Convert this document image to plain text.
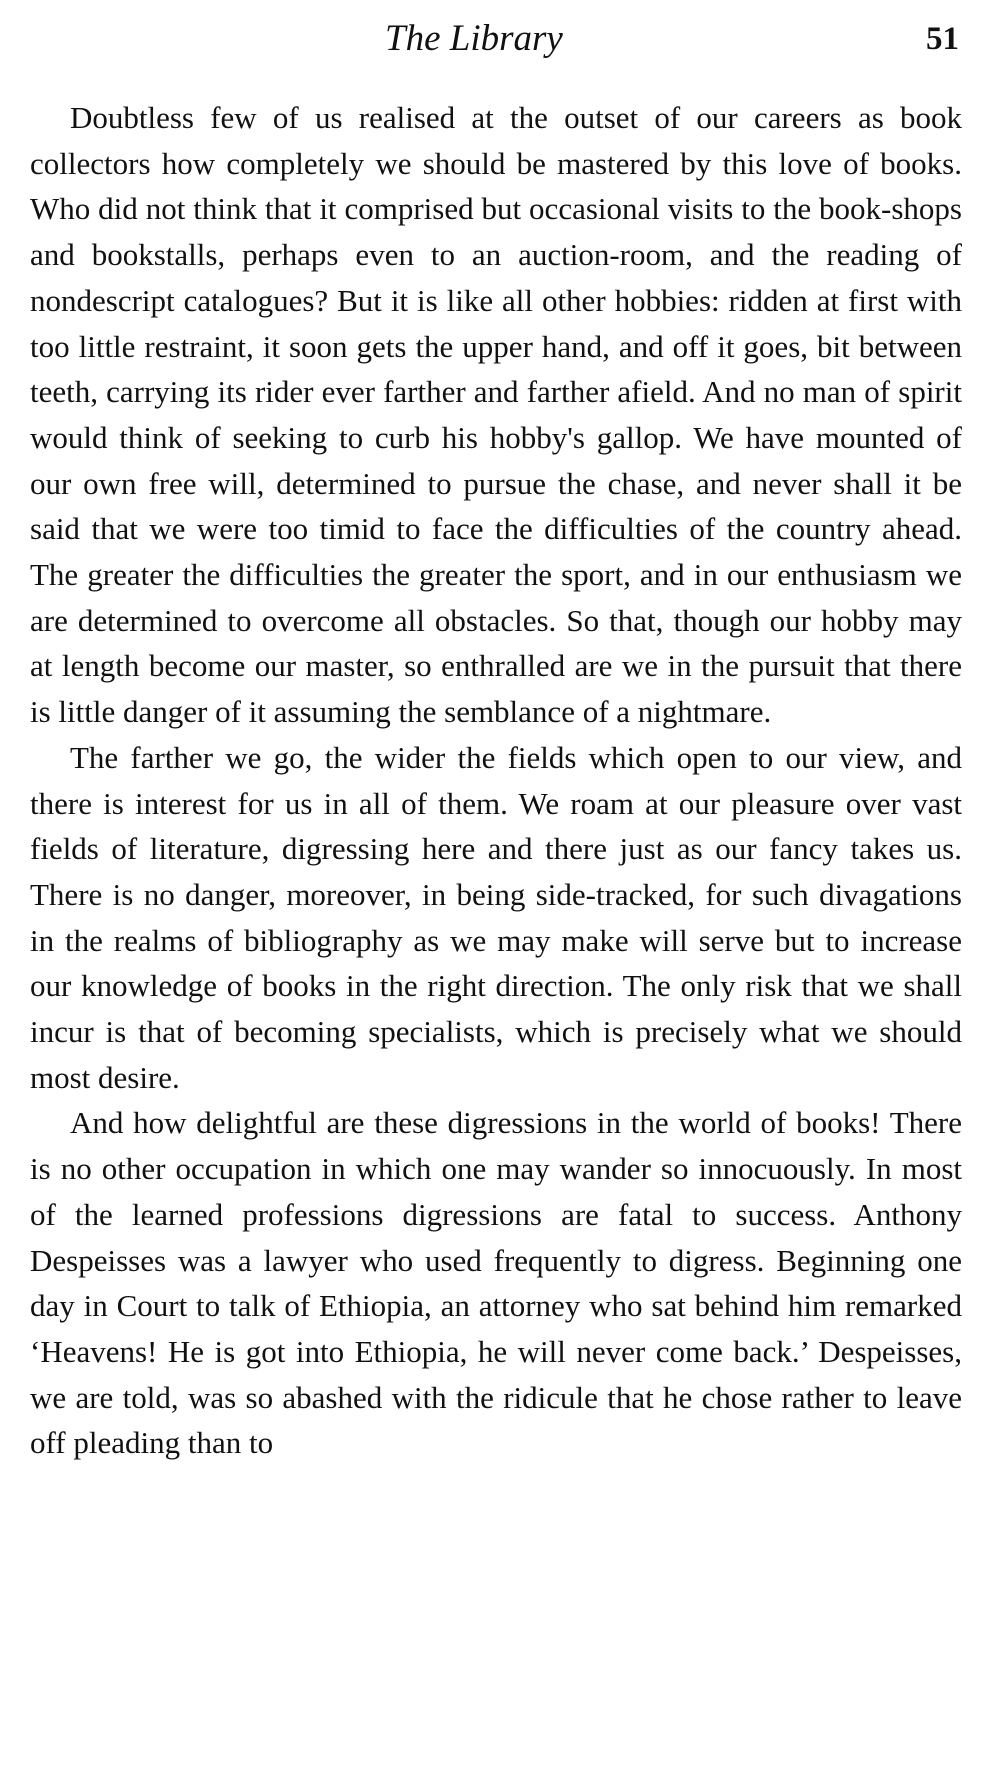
The Library	51

Doubtless few of us realised at the outset of our careers as book collectors how completely we should be mastered by this love of books. Who did not think that it comprised but occasional visits to the book-shops and bookstalls, perhaps even to an auction-room, and the reading of nondescript catalogues? But it is like all other hobbies: ridden at first with too little restraint, it soon gets the upper hand, and off it goes, bit between teeth, carrying its rider ever farther and farther afield. And no man of spirit would think of seeking to curb his hobby's gallop. We have mounted of our own free will, determined to pursue the chase, and never shall it be said that we were too timid to face the difficulties of the country ahead. The greater the difficulties the greater the sport, and in our enthusiasm we are determined to overcome all obstacles. So that, though our hobby may at length become our master, so enthralled are we in the pursuit that there is little danger of it assuming the semblance of a nightmare.

The farther we go, the wider the fields which open to our view, and there is interest for us in all of them. We roam at our pleasure over vast fields of literature, digressing here and there just as our fancy takes us. There is no danger, moreover, in being side-tracked, for such divagations in the realms of bibliography as we may make will serve but to increase our knowledge of books in the right direction. The only risk that we shall incur is that of becoming specialists, which is precisely what we should most desire.

And how delightful are these digressions in the world of books! There is no other occupation in which one may wander so innocuously. In most of the learned professions digressions are fatal to success. Anthony Despeisses was a lawyer who used frequently to digress. Beginning one day in Court to talk of Ethiopia, an attorney who sat behind him remarked ‘Heavens! He is got into Ethiopia, he will never come back.’ Despeisses, we are told, was so abashed with the ridicule that he chose rather to leave off pleading than to
